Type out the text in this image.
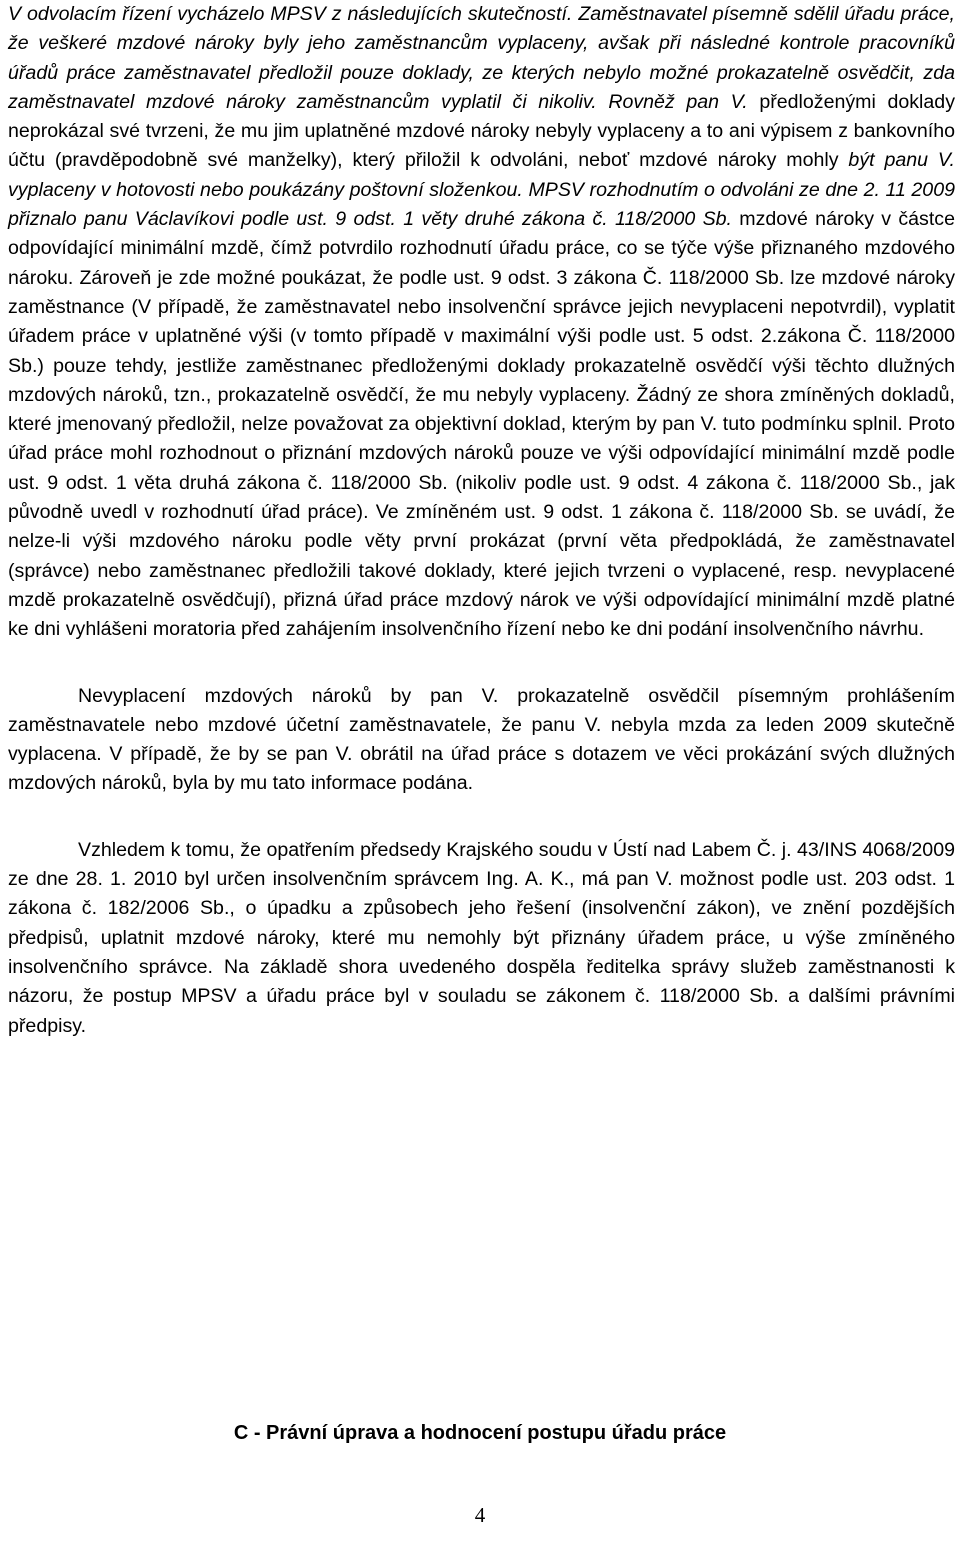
V odvolacím řízení vycházelo MPSV z následujících skutečností. Zaměstnavatel písemně sdělil úřadu práce, že veškeré mzdové nároky byly jeho zaměstnancům vyplaceny, avšak při následné kontrole pracovníků úřadů práce zaměstnavatel předložil pouze doklady, ze kterých nebylo možné prokazatelně osvědčit, zda zaměstnavatel mzdové nároky zaměstnancům vyplatil či nikoliv. Rovněž pan V. předloženými doklady neprokázal své tvrzeni, že mu jim uplatněné mzdové nároky nebyly vyplaceny a to ani výpisem z bankovního účtu (pravděpodobně své manželky), který přiložil k odvoláni, neboť mzdové nároky mohly být panu V. vyplaceny v hotovosti nebo poukázány poštovní složenkou. MPSV rozhodnutím o odvoláni ze dne 2. 11 2009 přiznalo panu Václavíkovi podle ust. 9 odst. 1 věty druhé zákona č. 118/2000 Sb. mzdové nároky v částce odpovídající minimální mzdě, čímž potvrdilo rozhodnutí úřadu práce, co se týče výše přiznaného mzdového nároku. Zároveň je zde možné poukázat, že podle ust. 9 odst. 3 zákona Č. 118/2000 Sb. lze mzdové nároky zaměstnance (V případě, že zaměstnavatel nebo insolvenční správce jejich nevyplaceni nepotvrdil), vyplatit úřadem práce v uplatněné výši (v tomto případě v maximální výši podle ust. 5 odst. 2.zákona Č. 118/2000 Sb.) pouze tehdy, jestliže zaměstnanec předloženými doklady prokazatelně osvědčí výši těchto dlužných mzdových nároků, tzn., prokazatelně osvědčí, že mu nebyly vyplaceny. Žádný ze shora zmíněných dokladů, které jmenovaný předložil, nelze považovat za objektivní doklad, kterým by pan V. tuto podmínku splnil. Proto úřad práce mohl rozhodnout o přiznání mzdových nároků pouze ve výši odpovídající minimální mzdě podle ust. 9 odst. 1 věta druhá zákona č. 118/2000 Sb. (nikoliv podle ust. 9 odst. 4 zákona č. 118/2000 Sb., jak původně uvedl v rozhodnutí úřad práce). Ve zmíněném ust. 9 odst. 1 zákona č. 118/2000 Sb. se uvádí, že nelze-li výši mzdového nároku podle věty první prokázat (první věta předpokládá, že zaměstnavatel (správce) nebo zaměstnanec předložili takové doklady, které jejich tvrzeni o vyplacené, resp. nevyplacené mzdě prokazatelně osvědčují), přizná úřad práce mzdový nárok ve výši odpovídající minimální mzdě platné ke dni vyhlášeni moratoria před zahájením insolvenčního řízení nebo ke dni podání insolvenčního návrhu.

Nevyplacení mzdových nároků by pan V. prokazatelně osvědčil písemným prohlášením zaměstnavatele nebo mzdové účetní zaměstnavatele, že panu V. nebyla mzda za leden 2009 skutečně vyplacena. V případě, že by se pan V. obrátil na úřad práce s dotazem ve věci prokázání svých dlužných mzdových nároků, byla by mu tato informace podána.

Vzhledem k tomu, že opatřením předsedy Krajského soudu v Ústí nad Labem Č. j. 43/INS 4068/2009 ze dne 28. 1. 2010 byl určen insolvenčním správcem Ing. A. K., má pan V. možnost podle ust. 203 odst. 1 zákona č. 182/2006 Sb., o úpadku a způsobech jeho řešení (insolvenční zákon), ve znění pozdějších předpisů, uplatnit mzdové nároky, které mu nemohly být přiznány úřadem práce, u výše zmíněného insolvenčního správce. Na základě shora uvedeného dospěla ředitelka správy služeb zaměstnanosti k názoru, že postup MPSV a úřadu práce byl v souladu se zákonem č. 118/2000 Sb. a dalšími právními předpisy.

C - Právní úprava a hodnocení postupu úřadu práce

4
